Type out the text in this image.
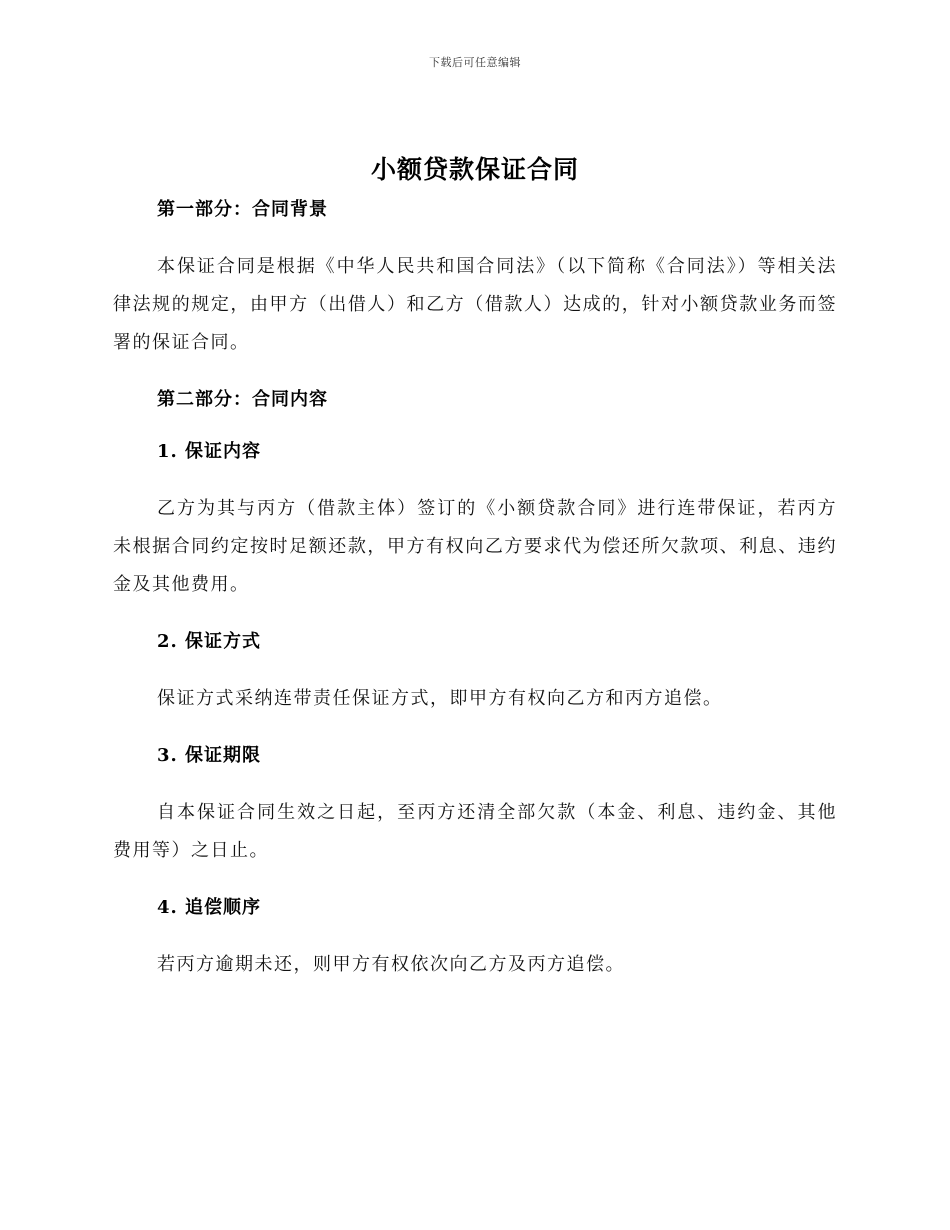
下载后可任意编辑
小额贷款保证合同
第一部分：合同背景
本保证合同是根据《中华人民共和国合同法》（以下简称《合同法》）等相关法律法规的规定，由甲方（出借人）和乙方（借款人）达成的，针对小额贷款业务而签署的保证合同。
第二部分：合同内容
1. 保证内容
乙方为其与丙方（借款主体）签订的《小额贷款合同》进行连带保证，若丙方未根据合同约定按时足额还款，甲方有权向乙方要求代为偿还所欠款项、利息、违约金及其他费用。
2. 保证方式
保证方式采纳连带责任保证方式，即甲方有权向乙方和丙方追偿。
3. 保证期限
自本保证合同生效之日起，至丙方还清全部欠款（本金、利息、违约金、其他费用等）之日止。
4. 追偿顺序
若丙方逾期未还，则甲方有权依次向乙方及丙方追偿。
